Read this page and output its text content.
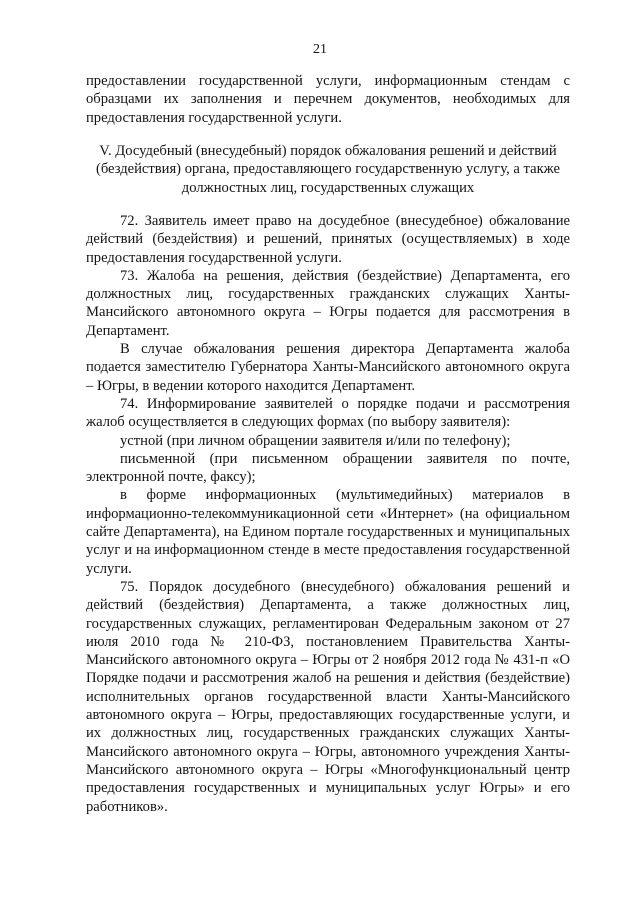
21

предоставлении государственной услуги, информационным стендам с образцами их заполнения и перечнем документов, необходимых для предоставления государственной услуги.

V. Досудебный (внесудебный) порядок обжалования решений и действий (бездействия) органа, предоставляющего государственную услугу, а также должностных лиц, государственных служащих

72. Заявитель имеет право на досудебное (внесудебное) обжалование действий (бездействия) и решений, принятых (осуществляемых) в ходе предоставления государственной услуги.

73. Жалоба на решения, действия (бездействие) Департамента, его должностных лиц, государственных гражданских служащих Ханты-Мансийского автономного округа – Югры подается для рассмотрения в Департамент.

В случае обжалования решения директора Департамента жалоба подается заместителю Губернатора Ханты-Мансийского автономного округа – Югры, в ведении которого находится Департамент.

74. Информирование заявителей о порядке подачи и рассмотрения жалоб осуществляется в следующих формах (по выбору заявителя):

устной (при личном обращении заявителя и/или по телефону);

письменной (при письменном обращении заявителя по почте, электронной почте, факсу);

в форме информационных (мультимедийных) материалов в информационно-телекоммуникационной сети «Интернет» (на официальном сайте Департамента), на Едином портале государственных и муниципальных услуг и на информационном стенде в месте предоставления государственной услуги.

75. Порядок досудебного (внесудебного) обжалования решений и действий (бездействия) Департамента, а также должностных лиц, государственных служащих, регламентирован Федеральным законом от 27 июля 2010 года № 210-ФЗ, постановлением Правительства Ханты-Мансийского автономного округа – Югры от 2 ноября 2012 года № 431-п «О Порядке подачи и рассмотрения жалоб на решения и действия (бездействие) исполнительных органов государственной власти Ханты-Мансийского автономного округа – Югры, предоставляющих государственные услуги, и их должностных лиц, государственных гражданских служащих Ханты-Мансийского автономного округа – Югры, автономного учреждения Ханты-Мансийского автономного округа – Югры «Многофункциональный центр предоставления государственных и муниципальных услуг Югры» и его работников».
